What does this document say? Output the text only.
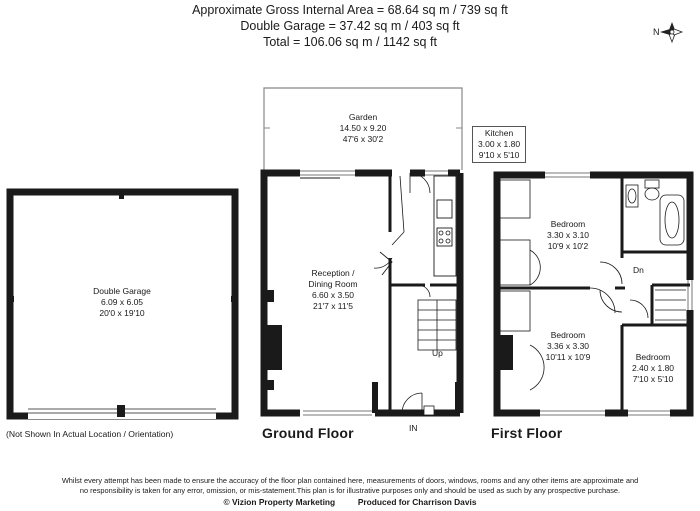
Approximate Gross Internal Area = 68.64 sq m / 739 sq ft
Double Garage = 37.42 sq m / 403 sq ft
Total = 106.06 sq m / 1142 sq ft
Double Garage
6.09 x 6.05
20'0 x 19'10
Garden
14.50 x 9.20
47'6 x 30'2
Kitchen
3.00 x 1.80
9'10 x 5'10
Reception /
Dining Room
6.60 x 3.50
21'7 x 11'5
Bedroom
3.30 x 3.10
10'9 x 10'2
Bedroom
3.36 x 3.30
10'11 x 10'9	Bedroom
2.40 x 1.80
7'10 x 5'10
Up
Dn
IN
N
(Not Shown In Actual Location / Orientation)	Ground Floor	First Floor
Whilst every attempt has been made to ensure the accuracy of the floor plan contained here, measurements of doors, windows, rooms and any other items are approximate and
no responsibility is taken for any error, omission, or mis-statement.This plan is for illustrative purposes only and should be used as such by any prospective purchase.
© Vizion Property Marketing	Produced for Charrison Davis
